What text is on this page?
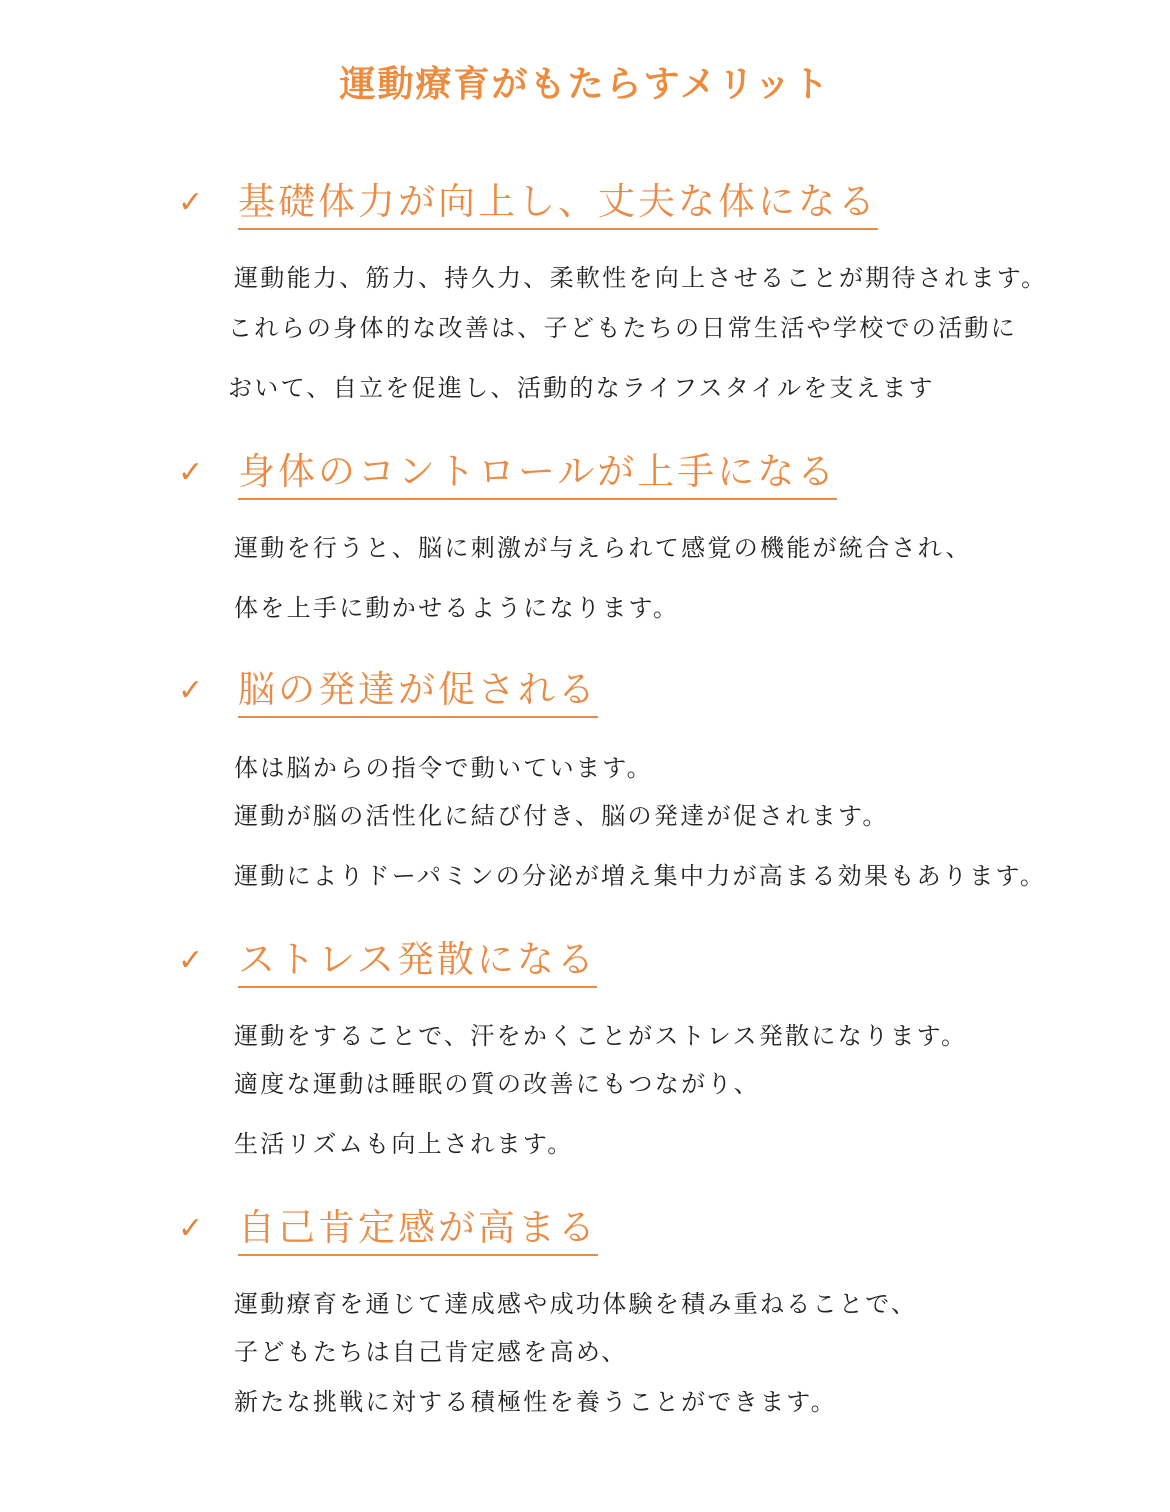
運動療育がもたらすメリット
✓ 基礎体力が向上し、丈夫な体になる
運動能力、筋力、持久力、柔軟性を向上させることが期待されます。
これらの身体的な改善は、子どもたちの日常生活や学校での活動に
おいて、自立を促進し、活動的なライフスタイルを支えます
✓ 身体のコントロールが上手になる
運動を行うと、脳に刺激が与えられて感覚の機能が統合され、
体を上手に動かせるようになります。
✓ 脳の発達が促される
体は脳からの指令で動いています。
運動が脳の活性化に結び付き、脳の発達が促されます。
運動によりドーパミンの分泌が増え集中力が高まる効果もあります。
✓ ストレス発散になる
運動をすることで、汗をかくことがストレス発散になります。
適度な運動は睡眠の質の改善にもつながり、
生活リズムも向上されます。
✓ 自己肯定感が高まる
運動療育を通じて達成感や成功体験を積み重ねることで、
子どもたちは自己肯定感を高め、
新たな挑戦に対する積極性を養うことができます。
